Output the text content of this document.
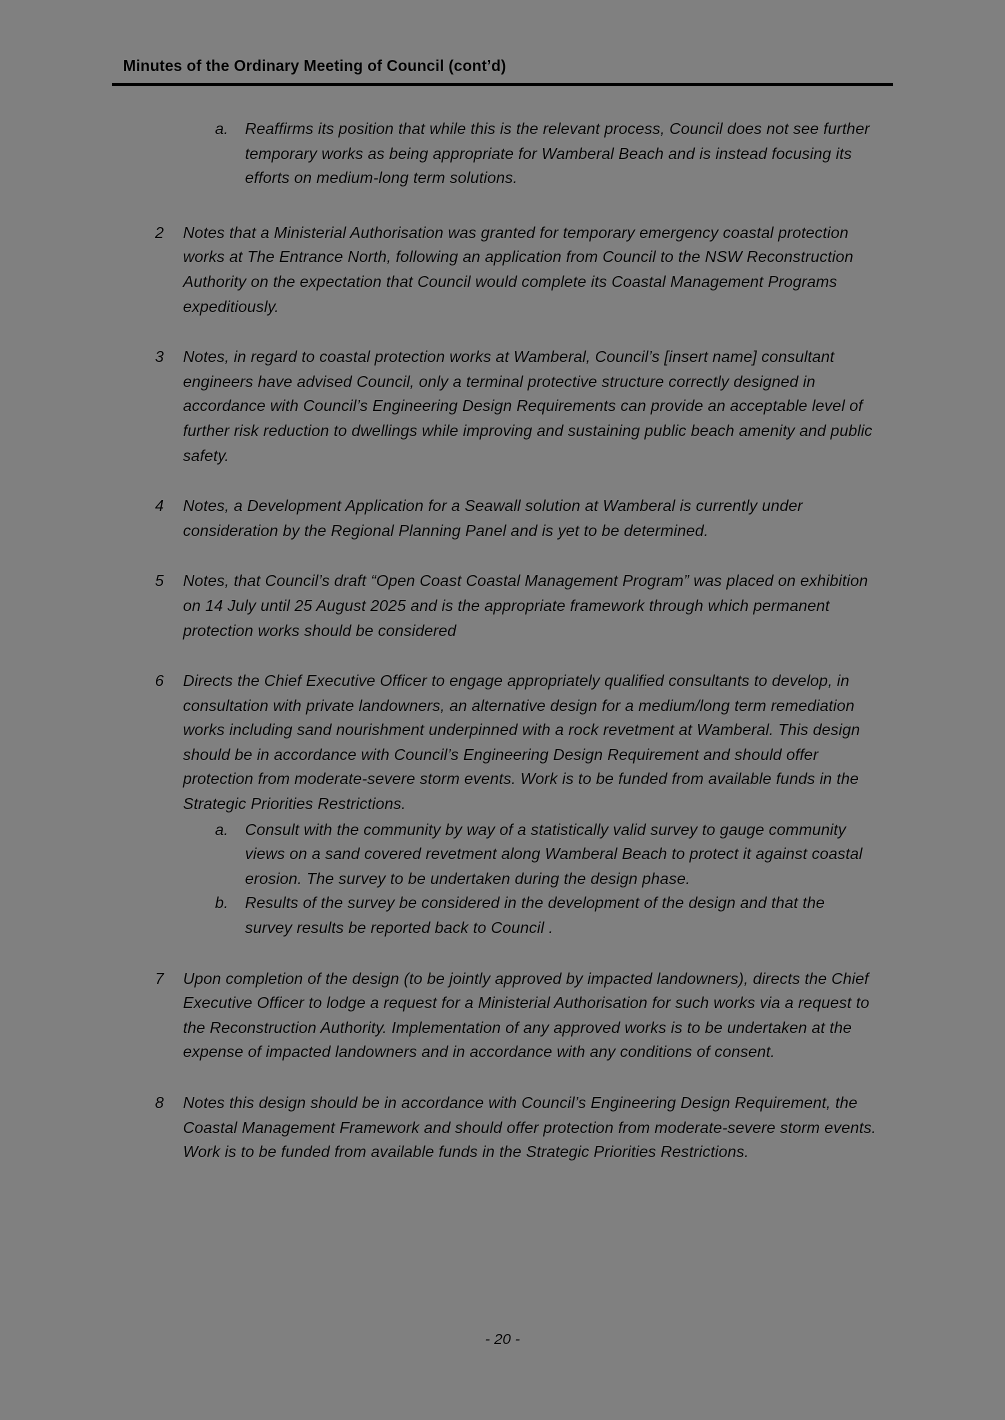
Minutes of the Ordinary Meeting of Council (cont’d)
a.	Reaffirms its position that while this is the relevant process, Council does not see further temporary works as being appropriate for Wamberal Beach and is instead focusing its efforts on medium-long term solutions.

2	Notes that a Ministerial Authorisation was granted for temporary emergency coastal protection works at The Entrance North, following an application from Council to the NSW Reconstruction Authority on the expectation that Council would complete its Coastal Management Programs expeditiously.

3	Notes, in regard to coastal protection works at Wamberal, Council’s [insert name] consultant engineers have advised Council, only a terminal protective structure correctly designed in accordance with Council’s Engineering Design Requirements can provide an acceptable level of further risk reduction to dwellings while improving and sustaining public beach amenity and public safety.

4	Notes, a Development Application for a Seawall solution at Wamberal is currently under consideration by the Regional Planning Panel and is yet to be determined.

5	Notes, that Council’s draft “Open Coast Coastal Management Program” was placed on exhibition on 14 July until 25 August 2025 and is the appropriate framework through which permanent protection works should be considered

6	Directs the Chief Executive Officer to engage appropriately qualified consultants to develop, in consultation with private landowners, an alternative design for a medium/long term remediation works including sand nourishment underpinned with a rock revetment at Wamberal. This design should be in accordance with Council’s Engineering Design Requirement and should offer protection from moderate-severe storm events. Work is to be funded from available funds in the Strategic Priorities Restrictions.

a.	Consult with the community by way of a statistically valid survey to gauge community views on a sand covered revetment along Wamberal Beach to protect it against coastal erosion. The survey to be undertaken during the design phase.

b.	Results of the survey be considered in the development of the design and that the survey results be reported back to Council .

7	Upon completion of the design (to be jointly approved by impacted landowners), directs the Chief Executive Officer to lodge a request for a Ministerial Authorisation for such works via a request to the Reconstruction Authority. Implementation of any approved works is to be undertaken at the expense of impacted landowners and in accordance with any conditions of consent.

8	Notes this design should be in accordance with Council’s Engineering Design Requirement, the Coastal Management Framework and should offer protection from moderate-severe storm events. Work is to be funded from available funds in the Strategic Priorities Restrictions.

- 20 -
